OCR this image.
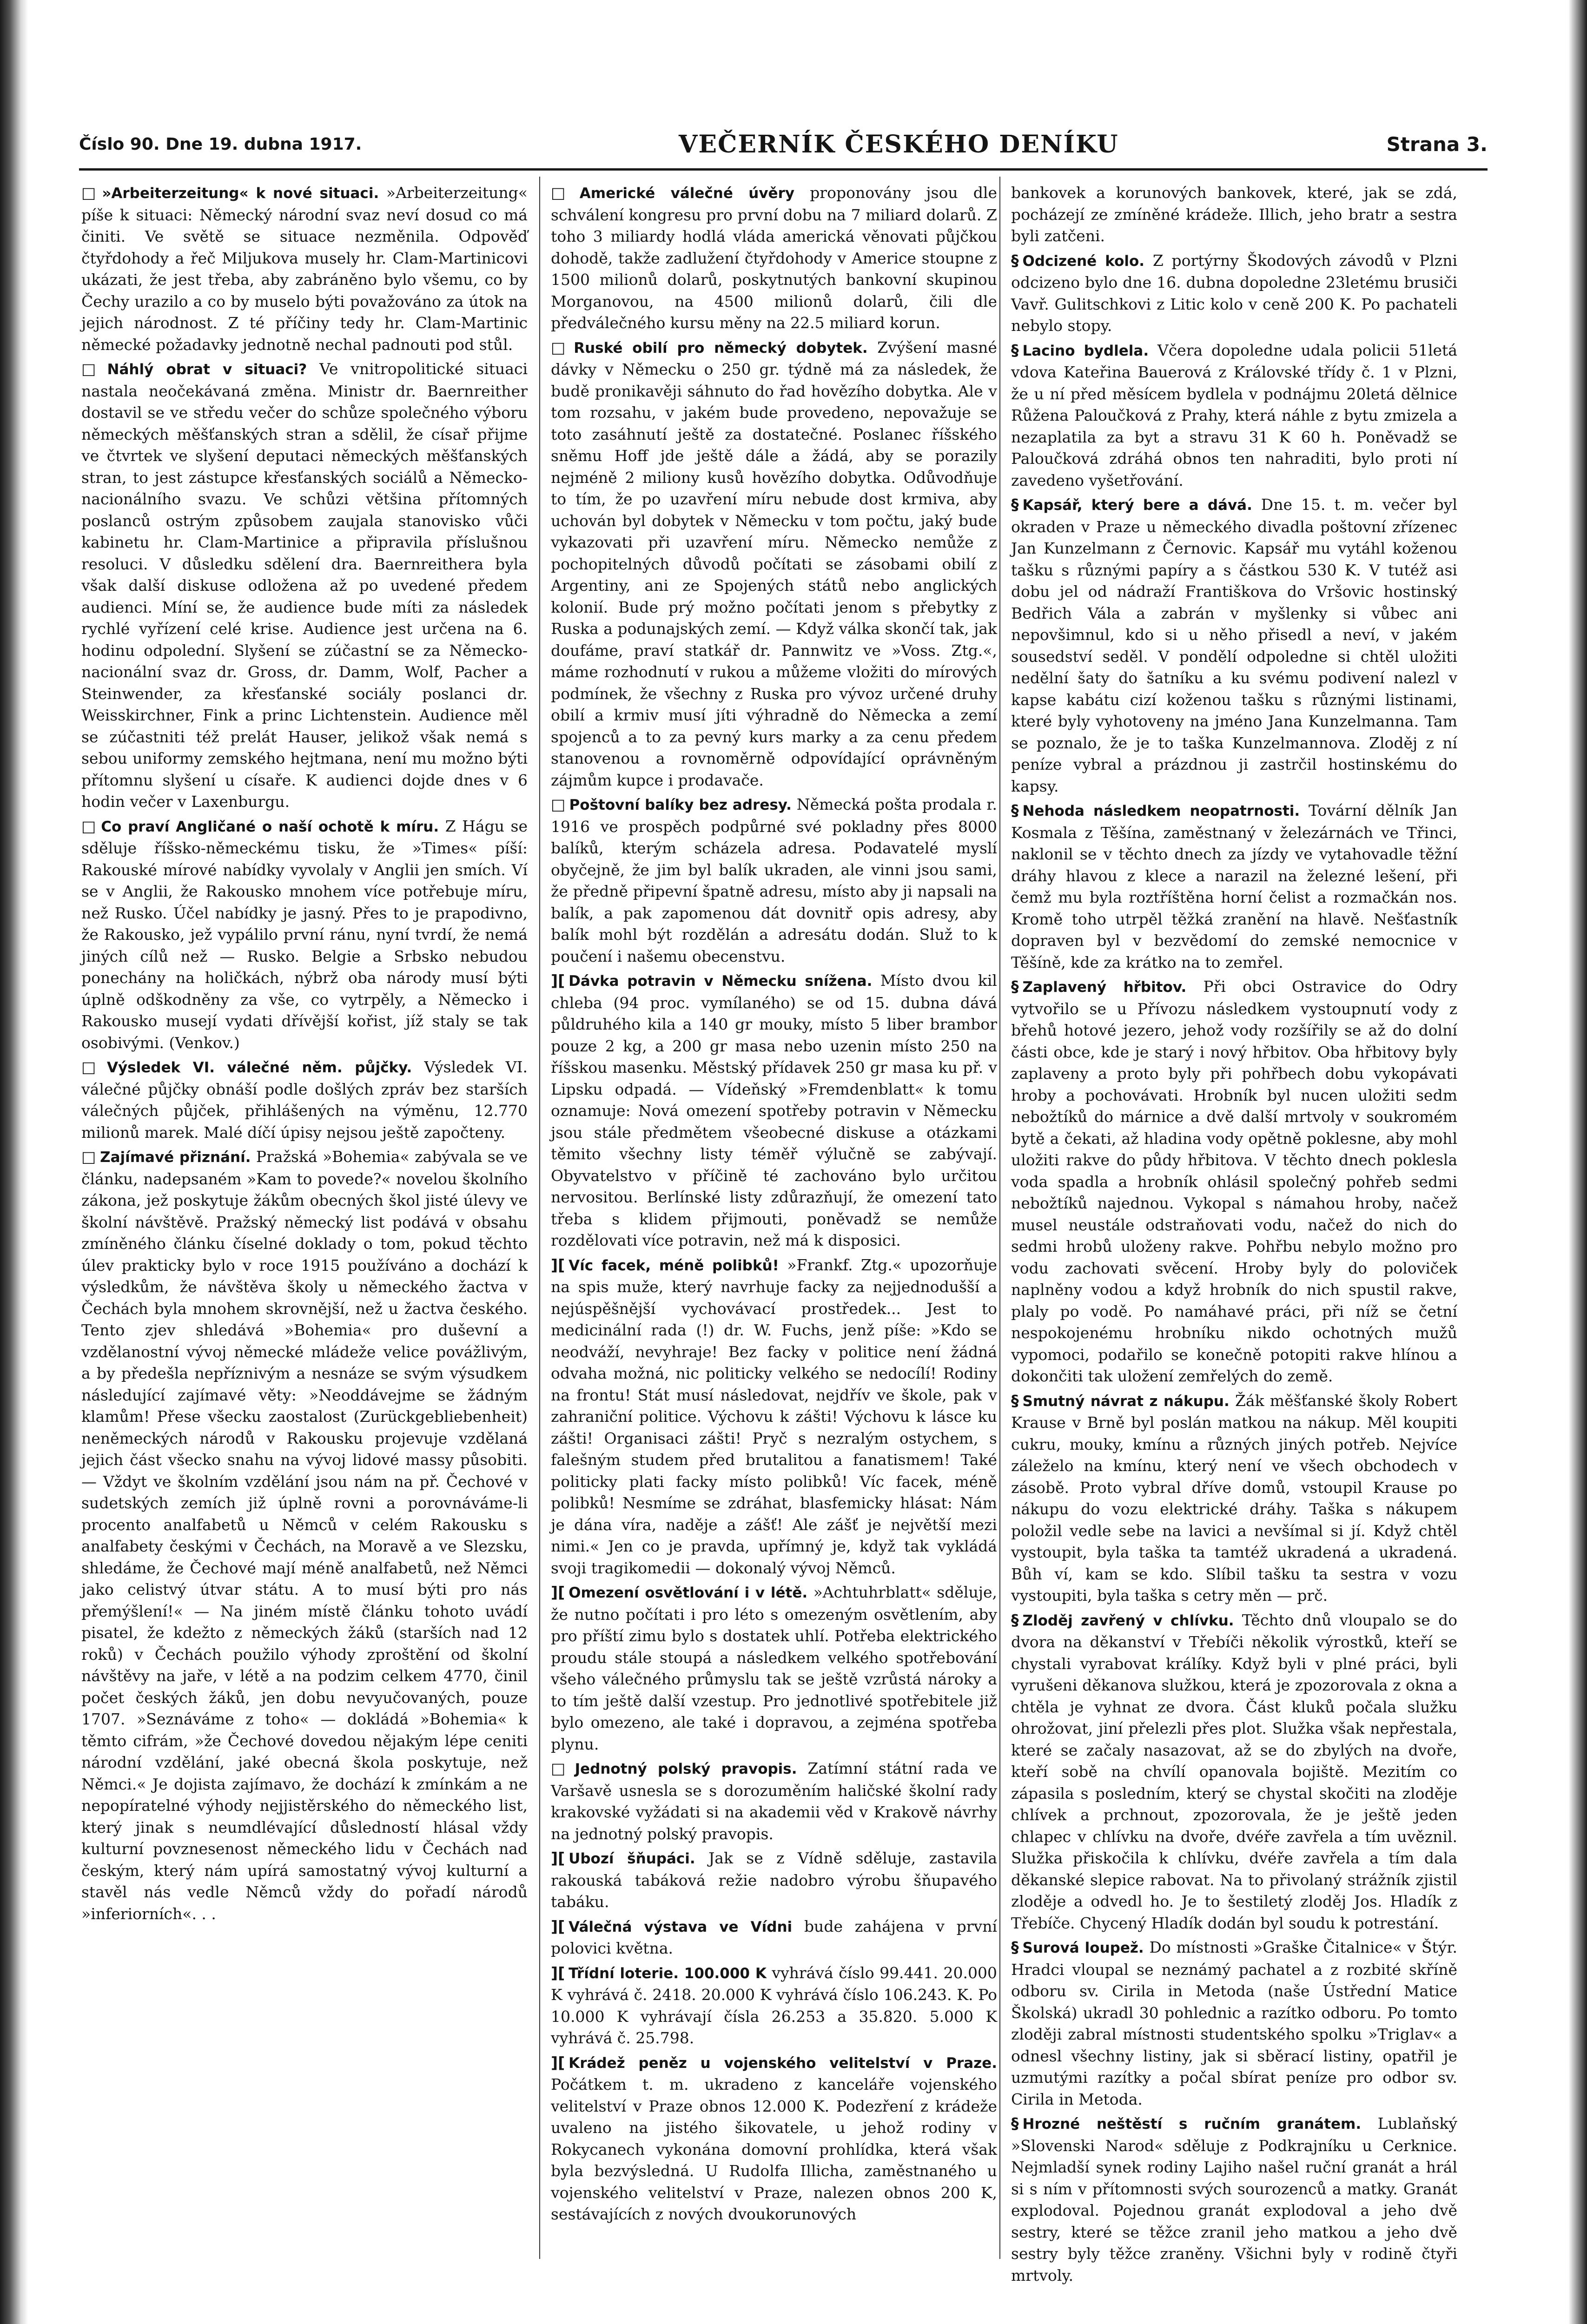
Číslo 90. Dne 19. dubna 1917.	VEČERNÍK ČESKÉHO DENÍKU	Strana 3.

□ »Arbeiterzeitung« k nové situaci. »Arbeiterzeitung« píše k situaci: Německý národní svaz neví dosud co má činiti. Ve světě se situace nezměnila. Odpověď čtyřdohody a řeč Miljukova musely hr. Clam-Martinicovi ukázati, že jest třeba, aby zabráněno bylo všemu, co by Čechy urazilo a co by muselo býti považováno za útok na jejich národnost. Z té příčiny tedy hr. Clam-Martinic německé požadavky jednotně nechal padnouti pod stůl.

□ Náhlý obrat v situaci? Ve vnitropolitické situaci nastala neočekávaná změna. Ministr dr. Baernreither dostavil se ve středu večer do schůze společného výboru německých měšťanských stran a sdělil, že císař přijme ve čtvrtek ve slyšení deputaci německých měšťanských stran, to jest zástupce křesťanských sociálů a Německo-nacionálního svazu. Ve schůzi většina přítomných poslanců ostrým způsobem zaujala stanovisko vůči kabinetu hr. Clam-Martinice a připravila příslušnou resoluci. V důsledku sdělení dra. Baernreithera byla však další diskuse odložena až po uvedené předem audienci. Míní se, že audience bude míti za následek rychlé vyřízení celé krise. Audience jest určena na 6. hodinu odpolední. Slyšení se zúčastní se za Německo-nacionální svaz dr. Gross, dr. Damm, Wolf, Pacher a Steinwender, za křesťanské sociály poslanci dr. Weisskirchner, Fink a princ Lichtenstein. Audience měl se zúčastniti též prelát Hauser, jelikož však nemá s sebou uniformy zemského hejtmana, není mu možno býti přítomnu slyšení u císaře. K audienci dojde dnes v 6 hodin večer v Laxenburgu.

□ Co praví Angličané o naší ochotě k míru. Z Hágu se sděluje říšsko-německému tisku, že »Times« píší: Rakouské mírové nabídky vyvolaly v Anglii jen smích. Ví se v Anglii, že Rakousko mnohem více potřebuje míru, než Rusko. Účel nabídky je jasný. Přes to je prapodivno, že Rakousko, jež vypálilo první ránu, nyní tvrdí, že nemá jiných cílů než — Rusko. Belgie a Srbsko nebudou ponechány na holičkách, nýbrž oba národy musí býti úplně odškodněny za vše, co vytrpěly, a Německo i Rakousko musejí vydati dřívější kořist, jíž staly se tak osobivými. (Venkov.)

□ Výsledek VI. válečné něm. půjčky. Výsledek VI. válečné půjčky obnáší podle došlých zpráv bez starších válečných půjček, přihlášených na výměnu, 12.770 milionů marek. Malé díčí úpisy nejsou ještě započteny.

□ Zajímavé přiznání. Pražská »Bohemia« zabývala se ve článku, nadepsaném »Kam to povede?« novelou školního zákona, jež poskytuje žákům obecných škol jisté úlevy ve školní návštěvě. Pražský německý list podává v obsahu zmíněného článku číselné doklady o tom, pokud těchto úlev prakticky bylo v roce 1915 používáno a dochází k výsledkům, že návštěva školy u německého žactva v Čechách byla mnohem skrovnější, než u žactva českého. Tento zjev shledává »Bohemia« pro duševní a vzdělanostní vývoj německé mládeže velice povážlivým, a by předešla nepříznivým a nesnáze se svým výsudkem následující zajímavé věty: »Neoddávejme se žádným klamům! Přese všecku zaostalost (Zurückgebliebenheit) neněmeckých národů v Rakousku projevuje vzdělaná jejich část všecko snahu na vývoj lidové massy působiti. — Vždyt ve školním vzdělání jsou nám na př. Čechové v sudetských zemích již úplně rovni a porovnáváme-li procento analfabetů u Němců v celém Rakousku s analfabety českými v Čechách, na Moravě a ve Slezsku, shledáme, že Čechové mají méně analfabetů, než Němci jako celistvý útvar státu. A to musí býti pro nás přemýšlení!« — Na jiném místě článku tohoto uvádí pisatel, že kdežto z německých žáků (starších nad 12 roků) v Čechách použilo výhody zproštění od školní návštěvy na jaře, v létě a na podzim celkem 4770, činil počet českých žáků, jen dobu nevyučovaných, pouze 1707. »Seznáváme z toho« — dokládá »Bohemia« k těmto cifrám, »že Čechové dovedou nějakým lépe ceniti národní vzdělání, jaké obecná škola poskytuje, než Němci.« Je dojista zajímavo, že dochází k zmínkám a ne nepopíratelné výhody nejjistěrského do německého list, který jinak s neumdlévající důsledností hlásal vždy kulturní povznesenost německého lidu v Čechách nad českým, který nám upírá samostatný vývoj kulturní a stavěl nás vedle Němců vždy do pořadí národů »inferiorních«. . .

□ Americké válečné úvěry proponovány jsou dle schválení kongresu pro první dobu na 7 miliard dolarů. Z toho 3 miliardy hodlá vláda americká věnovati půjčkou dohodě, takže zadlužení čtyřdohody v Americe stoupne z 1500 milionů dolarů, poskytnutých bankovní skupinou Morganovou, na 4500 milionů dolarů, čili dle předválečného kursu měny na 22.5 miliard korun.

□ Ruské obilí pro německý dobytek. Zvýšení masné dávky v Německu o 250 gr. týdně má za následek, že budě pronikavěji sáhnuto do řad hovězího dobytka. Ale v tom rozsahu, v jakém bude provedeno, nepovažuje se toto zasáhnutí ještě za dostatečné. Poslanec říšského sněmu Hoff jde ještě dále a žádá, aby se porazily nejméně 2 miliony kusů hovězího dobytka. Odůvodňuje to tím, že po uzavření míru nebude dost krmiva, aby uchován byl dobytek v Německu v tom počtu, jaký bude vykazovati při uzavření míru. Německo nemůže z pochopitelných důvodů počítati se zásobami obilí z Argentiny, ani ze Spojených států nebo anglických kolonií. Bude prý možno počítati jenom s přebytky z Ruska a podunajských zemí. — Když válka skončí tak, jak doufáme, praví statkář dr. Pannwitz ve »Voss. Ztg.«, máme rozhodnutí v rukou a můžeme vložiti do mírových podmínek, že všechny z Ruska pro vývoz určené druhy obilí a krmiv musí jíti výhradně do Německa a zemí spojenců a to za pevný kurs marky a za cenu předem stanovenou a rovnoměrně odpovídající oprávněným zájmům kupce i prodavače.

□ Poštovní balíky bez adresy. Německá pošta prodala r. 1916 ve prospěch podpůrné své pokladny přes 8000 balíků, kterým scházela adresa. Podavatelé myslí obyčejně, že jim byl balík ukraden, ale vinni jsou sami, že předně připevní špatně adresu, místo aby ji napsali na balík, a pak zapomenou dát dovnitř opis adresy, aby balík mohl být rozdělán a adresátu dodán. Služ to k poučení i našemu obecenstvu.

][ Dávka potravin v Německu snížena. Místo dvou kil chleba (94 proc. vymílaného) se od 15. dubna dává půldruhého kila a 140 gr mouky, místo 5 liber brambor pouze 2 kg, a 200 gr masa nebo uzenin místo 250 na říšskou masenku. Městský přídavek 250 gr masa ku př. v Lipsku odpadá. — Vídeňský »Fremdenblatt« k tomu oznamuje: Nová omezení spotřeby potravin v Německu jsou stále předmětem všeobecné diskuse a otázkami těmito všechny listy téměř výlučně se zabývají. Obyvatelstvo v příčině té zachováno bylo určitou nervositou. Berlínské listy zdůrazňují, že omezení tato třeba s klidem přijmouti, poněvadž se nemůže rozdělovati více potravin, než má k disposici.

][ Víc facek, méně polibků! »Frankf. Ztg.« upozorňuje na spis muže, který navrhuje facky za nejjednodušší a nejúspěšnější vychovávací prostředek... Jest to medicinální rada (!) dr. W. Fuchs, jenž píše: »Kdo se neodváží, nevyhraje! Bez facky v politice není žádná odvaha možná, nic politicky velkého se nedocílí! Rodiny na frontu! Stát musí následovat, nejdřív ve škole, pak v zahraniční politice. Výchovu k zášti! Výchovu k lásce ku zášti! Organisaci zášti! Pryč s nezralým ostychem, s falešným studem před brutalitou a fanatismem! Také politicky plati facky místo polibků! Víc facek, méně polibků! Nesmíme se zdráhat, blasfemicky hlásat: Nám je dána víra, naděje a zášť! Ale zášť je největší mezi nimi.« Jen co je pravda, upřímný je, když tak vykládá svoji tragikomedii — dokonalý vývoj Němců.

][ Omezení osvětlování i v létě. »Achtuhrblatt« sděluje, že nutno počítati i pro léto s omezeným osvětlením, aby pro příští zimu bylo s dostatek uhlí. Potřeba elektrického proudu stále stoupá a následkem velkého spotřebování všeho válečného průmyslu tak se ještě vzrůstá nároky a to tím ještě další vzestup. Pro jednotlivé spotřebitele již bylo omezeno, ale také i dopravou, a zejména spotřeba plynu.

□ Jednotný polský pravopis. Zatímní státní rada ve Varšavě usnesla se s dorozuměním haličské školní rady krakovské vyžádati si na akademii věd v Krakově návrhy na jednotný polský pravopis.

][ Ubozí šňupáci. Jak se z Vídně sděluje, zastavila rakouská tabáková režie nadobro výrobu šňupavého tabáku.

][ Válečná výstava ve Vídni bude zahájena v první polovici května.

][ Třídní loterie. 100.000 K vyhrává číslo 99.441. 20.000 K vyhrává č. 2418. 20.000 K vyhrává číslo 106.243. K. Po 10.000 K vyhrávají čísla 26.253 a 35.820. 5.000 K vyhrává č. 25.798.

][ Krádež peněz u vojenského velitelství v Praze. Počátkem t. m. ukradeno z kanceláře vojenského velitelství v Praze obnos 12.000 K. Podezření z krádeže uvaleno na jistého šikovatele, u jehož rodiny v Rokycanech vykonána domovní prohlídka, která však byla bezvýsledná. U Rudolfa Illicha, zaměstnaného u vojenského velitelství v Praze, nalezen obnos 200 K, sestávajících z nových dvoukorunových

bankovek a korunových bankovek, které, jak se zdá, pocházejí ze zmíněné krádeže. Illich, jeho bratr a sestra byli zatčeni.

§ Odcizené kolo. Z portýrny Škodových závodů v Plzni odcizeno bylo dne 16. dubna dopoledne 23letému brusiči Vavř. Gulitschkovi z Litic kolo v ceně 200 K. Po pachateli nebylo stopy.

§ Lacino bydlela. Včera dopoledne udala policii 51letá vdova Kateřina Bauerová z Královské třídy č. 1 v Plzni, že u ní před měsícem bydlela v podnájmu 20letá dělnice Růžena Paloučková z Prahy, která náhle z bytu zmizela a nezaplatila za byt a stravu 31 K 60 h. Poněvadž se Paloučková zdráhá obnos ten nahraditi, bylo proti ní zavedeno vyšetřování.

§ Kapsář, který bere a dává. Dne 15. t. m. večer byl okraden v Praze u německého divadla poštovní zřízenec Jan Kunzelmann z Černovic. Kapsář mu vytáhl koženou tašku s různými papíry a s částkou 530 K. V tutéž asi dobu jel od nádraží Františkova do Vršovic hostinský Bedřich Vála a zabrán v myšlenky si vůbec ani nepovšimnul, kdo si u něho přisedl a neví, v jakém sousedství seděl. V pondělí odpoledne si chtěl uložiti nedělní šaty do šatníku a ku svému podivení nalezl v kapse kabátu cizí koženou tašku s různými listinami, které byly vyhotoveny na jméno Jana Kunzelmanna. Tam se poznalo, že je to taška Kunzelmannova. Zloděj z ní peníze vybral a prázdnou ji zastrčil hostinskému do kapsy.

§ Nehoda následkem neopatrnosti. Tovární dělník Jan Kosmala z Těšína, zaměstnaný v železárnách ve Třinci, naklonil se v těchto dnech za jízdy ve vytahovadle těžní dráhy hlavou z klece a narazil na železné lešení, při čemž mu byla roztříštěna horní čelist a rozmačkán nos. Kromě toho utrpěl těžká zranění na hlavě. Nešťastník dopraven byl v bezvědomí do zemské nemocnice v Těšíně, kde za krátko na to zemřel.

§ Zaplavený hřbitov. Při obci Ostravice do Odry vytvořilo se u Přívozu následkem vystoupnutí vody z břehů hotové jezero, jehož vody rozšířily se až do dolní části obce, kde je starý i nový hřbitov. Oba hřbitovy byly zaplaveny a proto byly při pohřbech dobu vykopávati hroby a pochovávati. Hrobník byl nucen uložiti sedm nebožtíků do márnice a dvě další mrtvoly v soukromém bytě a čekati, až hladina vody opětně poklesne, aby mohl uložiti rakve do půdy hřbitova. V těchto dnech poklesla voda spadla a hrobník ohlásil společný pohřeb sedmi nebožtíků najednou. Vykopal s námahou hroby, načež musel neustále odstraňovati vodu, načež do nich do sedmi hrobů uloženy rakve. Pohřbu nebylo možno pro vodu zachovati svěcení. Hroby byly do poloviček naplněny vodou a když hrobník do nich spustil rakve, plaly po vodě. Po namáhavé práci, při níž se četní nespokojenému hrobníku nikdo ochotných mužů vypomoci, podařilo se konečně potopiti rakve hlínou a dokončiti tak uložení zemřelých do země.

§ Smutný návrat z nákupu. Žák měšťanské školy Robert Krause v Brně byl poslán matkou na nákup. Měl koupiti cukru, mouky, kmínu a různých jiných potřeb. Nejvíce záleželo na kmínu, který není ve všech obchodech v zásobě. Proto vybral dříve domů, vstoupil Krause po nákupu do vozu elektrické dráhy. Taška s nákupem položil vedle sebe na lavici a nevšímal si jí. Když chtěl vystoupit, byla taška ta tamtéž ukradená a ukradená. Bůh ví, kam se kdo. Slíbil tašku ta sestra v vozu vystoupiti, byla taška s cetry měn — prč.

§ Zloděj zavřený v chlívku. Těchto dnů vloupalo se do dvora na děkanství v Třebíči několik výrostků, kteří se chystali vyrabovat králíky. Když byli v plné práci, byli vyrušeni děkanova služkou, která je zpozorovala z okna a chtěla je vyhnat ze dvora. Část kluků počala služku ohrožovat, jiní přelezli přes plot. Služka však nepřestala, které se začaly nasazovat, až se do zbylých na dvoře, kteří sobě na chvílí opanovala bojiště. Mezitím co zápasila s posledním, který se chystal skočiti na zloděje chlívek a prchnout, zpozorovala, že je ještě jeden chlapec v chlívku na dvoře, dvéře zavřela a tím uvěznil. Služka přiskočila k chlívku, dvéře zavřela a tím dala děkanské slepice rabovat. Na to přivolaný strážník zjistil zloděje a odvedl ho. Je to šestiletý zloděj Jos. Hladík z Třebíče. Chycený Hladík dodán byl soudu k potrestání.

§ Surová loupež. Do místnosti »Graške Čitalnice« v Štýr. Hradci vloupal se neznámý pachatel a z rozbité skříně odboru sv. Cirila in Metoda (naše Ústřední Matice Školská) ukradl 30 pohlednic a razítko odboru. Po tomto zloději zabral místnosti studentského spolku »Triglav« a odnesl všechny listiny, jak si sběrací listiny, opatřil je uzmutými razítky a počal sbírat peníze pro odbor sv. Cirila in Metoda.

§ Hrozné neštěstí s ručním granátem. Lublaňský »Slovenski Narod« sděluje z Podkrajníku u Cerknice. Nejmladší synek rodiny Lajiho našel ruční granát a hrál si s ním v přítomnosti svých sourozenců a matky. Granát explodoval. Pojednou granát explodoval a jeho dvě sestry, které se těžce zranil jeho matkou a jeho dvě sestry byly těžce zraněny. Všichni byly v rodině čtyři mrtvoly.
